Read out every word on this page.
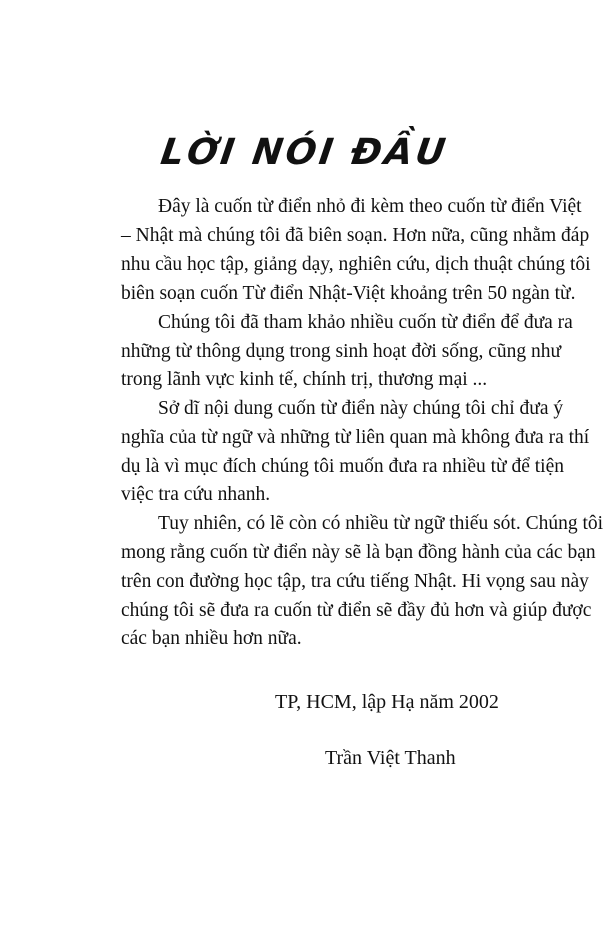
LỜI NÓI ĐẦU
Đây là cuốn từ điển nhỏ đi kèm theo cuốn từ điển Việt
– Nhật mà chúng tôi đã biên soạn. Hơn nữa, cũng nhằm đáp
nhu cầu học tập, giảng dạy, nghiên cứu, dịch thuật chúng tôi
biên soạn cuốn Từ điển Nhật-Việt khoảng trên 50 ngàn từ.
Chúng tôi đã tham khảo nhiều cuốn từ điển để đưa ra
những từ thông dụng trong sinh hoạt đời sống, cũng như
trong lãnh vực kinh tế, chính trị, thương mại ...
Sở dĩ nội dung cuốn từ điển này chúng tôi chỉ đưa ý
nghĩa của từ ngữ và những từ liên quan mà không đưa ra thí
dụ là vì mục đích chúng tôi muốn đưa ra nhiều từ để tiện
việc tra cứu nhanh.
Tuy nhiên, có lẽ còn có nhiều từ ngữ thiếu sót. Chúng tôi
mong rằng cuốn từ điển này sẽ là bạn đồng hành của các bạn
trên con đường học tập, tra cứu tiếng Nhật. Hi vọng sau này
chúng tôi sẽ đưa ra cuốn từ điển sẽ đầy đủ hơn và giúp được
các bạn nhiều hơn nữa.
TP, HCM, lập Hạ năm 2002
Trần Việt Thanh
